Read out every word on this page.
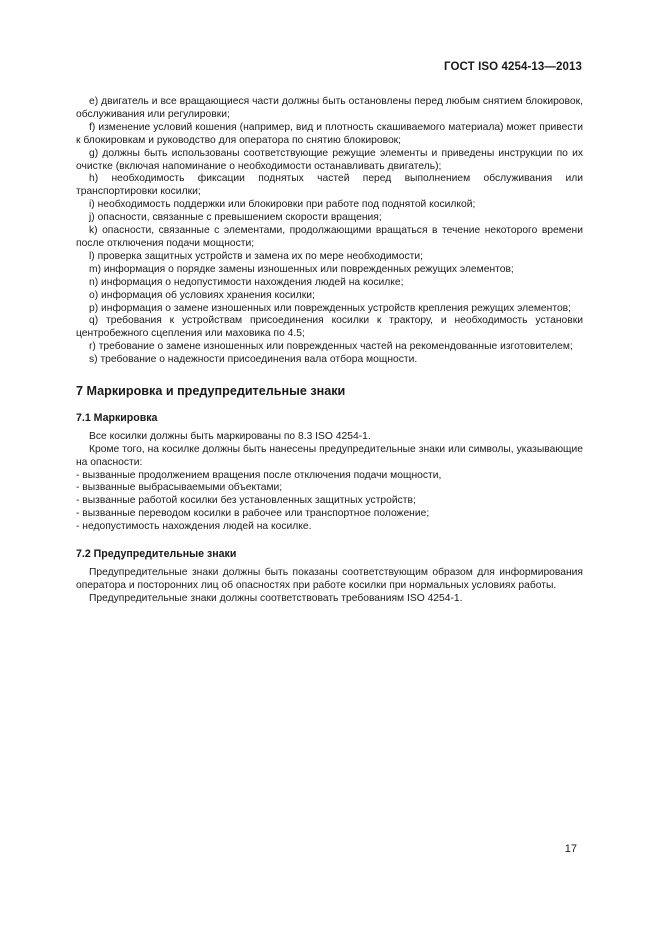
ГОСТ ISO 4254-13—2013

e) двигатель и все вращающиеся части должны быть остановлены перед любым снятием блокировок, обслуживания или регулировки;

f) изменение условий кошения (например, вид и плотность скашиваемого материала) может привести к блокировкам и руководство для оператора по снятию блокировок;

g) должны быть использованы соответствующие режущие элементы и приведены инструкции по их очистке (включая напоминание о необходимости останавливать двигатель);

h) необходимость фиксации поднятых частей перед выполнением обслуживания или транспортировки косилки;

i) необходимость поддержки или блокировки при работе под поднятой косилкой;

j) опасности, связанные с превышением скорости вращения;

k) опасности, связанные с элементами, продолжающими вращаться в течение некоторого времени после отключения подачи мощности;

l) проверка защитных устройств и замена их по мере необходимости;

m) информация о порядке замены изношенных или поврежденных режущих элементов;

n) информация о недопустимости нахождения людей на косилке;

o) информация об условиях хранения косилки;

p) информация о замене изношенных или поврежденных устройств крепления режущих элементов;

q) требования к устройствам присоединения косилки к трактору, и необходимость установки центробежного сцепления или маховика по 4.5;

r) требование о замене изношенных или поврежденных частей на рекомендованные изготовителем;

s) требование о надежности присоединения вала отбора мощности.

7 Маркировка и предупредительные знаки
7.1 Маркировка

Все косилки должны быть маркированы по 8.3 ISO 4254-1.

Кроме того, на косилке должны быть нанесены предупредительные знаки или символы, указывающие на опасности:

- вызванные продолжением вращения после отключения подачи мощности,

- вызванные выбрасываемыми объектами;

- вызванные работой косилки без установленных защитных устройств;

- вызванные переводом косилки в рабочее или транспортное положение;

- недопустимость нахождения людей на косилке.

7.2 Предупредительные знаки

Предупредительные знаки должны быть показаны соответствующим образом для информирования оператора и посторонних лиц об опасностях при работе косилки при нормальных условиях работы.

Предупредительные знаки должны соответствовать требованиям ISO 4254-1.

17
